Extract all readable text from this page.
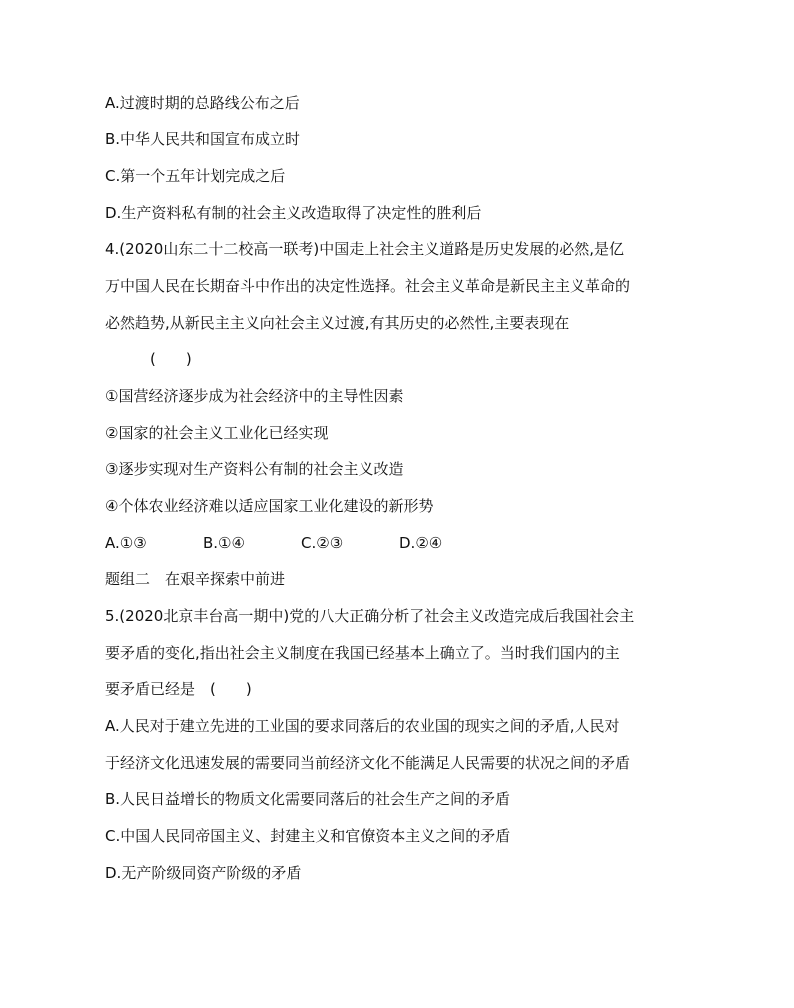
A.过渡时期的总路线公布之后
B.中华人民共和国宣布成立时
C.第一个五年计划完成之后
D.生产资料私有制的社会主义改造取得了决定性的胜利后
4.(2020山东二十二校高一联考)中国走上社会主义道路是历史发展的必然,是亿
万中国人民在长期奋斗中作出的决定性选择。社会主义革命是新民主主义革命的
必然趋势,从新民主主义向社会主义过渡,有其历史的必然性,主要表现在
(　　)
①国营经济逐步成为社会经济中的主导性因素
②国家的社会主义工业化已经实现
③逐步实现对生产资料公有制的社会主义改造
④个体农业经济难以适应国家工业化建设的新形势
A.①③	B.①④	C.②③	D.②④
题组二　在艰辛探索中前进
5.(2020北京丰台高一期中)党的八大正确分析了社会主义改造完成后我国社会主
要矛盾的变化,指出社会主义制度在我国已经基本上确立了。当时我们国内的主
要矛盾已经是　(　　)
A.人民对于建立先进的工业国的要求同落后的农业国的现实之间的矛盾,人民对
于经济文化迅速发展的需要同当前经济文化不能满足人民需要的状况之间的矛盾
B.人民日益增长的物质文化需要同落后的社会生产之间的矛盾
C.中国人民同帝国主义、封建主义和官僚资本主义之间的矛盾
D.无产阶级同资产阶级的矛盾
